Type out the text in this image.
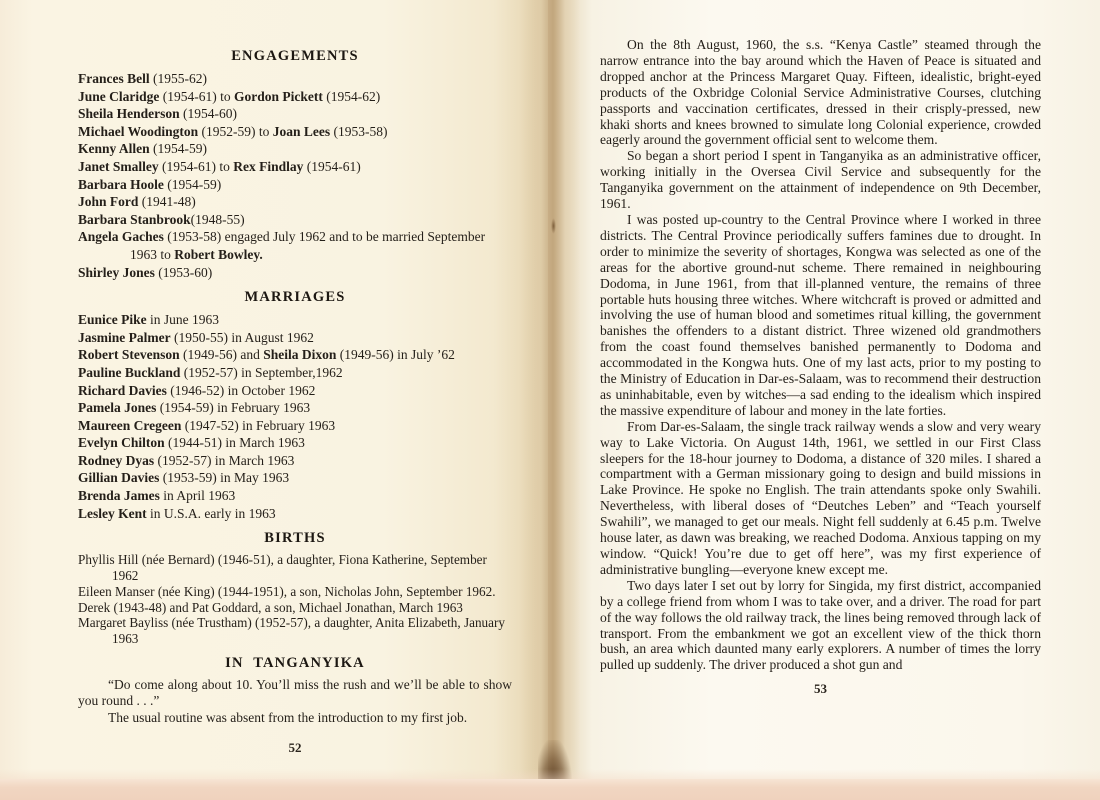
ENGAGEMENTS
Frances Bell (1955-62)
June Claridge (1954-61) to Gordon Pickett (1954-62)
Sheila Henderson (1954-60)
Michael Woodington (1952-59) to Joan Lees (1953-58)
Kenny Allen (1954-59)
Janet Smalley (1954-61) to Rex Findlay (1954-61)
Barbara Hoole (1954-59)
John Ford (1941-48)
Barbara Stanbrook(1948-55)
Angela Gaches (1953-58) engaged July 1962 and to be married September 1963 to Robert Bowley.
Shirley Jones (1953-60)
MARRIAGES
Eunice Pike in June 1963
Jasmine Palmer (1950-55) in August 1962
Robert Stevenson (1949-56) and Sheila Dixon (1949-56) in July ’62
Pauline Buckland (1952-57) in September,1962
Richard Davies (1946-52) in October 1962
Pamela Jones (1954-59) in February 1963
Maureen Cregeen (1947-52) in February 1963
Evelyn Chilton (1944-51) in March 1963
Rodney Dyas (1952-57) in March 1963
Gillian Davies (1953-59) in May 1963
Brenda James in April 1963
Lesley Kent in U.S.A. early in 1963
BIRTHS
Phyllis Hill (née Bernard) (1946-51), a daughter, Fiona Katherine, September 1962
Eileen Manser (née King) (1944-1951), a son, Nicholas John, September 1962.
Derek (1943-48) and Pat Goddard, a son, Michael Jonathan, March 1963
Margaret Bayliss (née Trustham) (1952-57), a daughter, Anita Elizabeth, January 1963
IN TANGANYIKA

“Do come along about 10. You’ll miss the rush and we’ll be able to show you round . . .”

The usual routine was absent from the introduction to my first job.

52

On the 8th August, 1960, the s.s. “Kenya Castle” steamed through the narrow entrance into the bay around which the Haven of Peace is situated and dropped anchor at the Princess Margaret Quay. Fifteen, idealistic, bright-eyed products of the Oxbridge Colonial Service Administrative Courses, clutching passports and vaccination certificates, dressed in their crisply-pressed, new khaki shorts and knees browned to simulate long Colonial experience, crowded eagerly around the government official sent to welcome them.

So began a short period I spent in Tanganyika as an administrative officer, working initially in the Oversea Civil Service and subsequently for the Tanganyika government on the attainment of independence on 9th December, 1961.

I was posted up-country to the Central Province where I worked in three districts. The Central Province periodically suffers famines due to drought. In order to minimize the severity of shortages, Kongwa was selected as one of the areas for the abortive ground-nut scheme. There remained in neighbouring Dodoma, in June 1961, from that ill-planned venture, the remains of three portable huts housing three witches. Where witchcraft is proved or admitted and involving the use of human blood and sometimes ritual killing, the government banishes the offenders to a distant district. Three wizened old grandmothers from the coast found themselves banished permanently to Dodoma and accommodated in the Kongwa huts. One of my last acts, prior to my posting to the Ministry of Education in Dar-es-Salaam, was to recommend their destruction as uninhabitable, even by witches—a sad ending to the idealism which inspired the massive expenditure of labour and money in the late forties.

From Dar-es-Salaam, the single track railway wends a slow and very weary way to Lake Victoria. On August 14th, 1961, we settled in our First Class sleepers for the 18-hour journey to Dodoma, a distance of 320 miles. I shared a compartment with a German missionary going to design and build missions in Lake Province. He spoke no English. The train attendants spoke only Swahili. Nevertheless, with liberal doses of “Deutches Leben” and “Teach yourself Swahili”, we managed to get our meals. Night fell suddenly at 6.45 p.m. Twelve house later, as dawn was breaking, we reached Dodoma. Anxious tapping on my window. “Quick! You’re due to get off here”, was my first experience of administrative bungling—everyone knew except me.

Two days later I set out by lorry for Singida, my first district, accompanied by a college friend from whom I was to take over, and a driver. The road for part of the way follows the old railway track, the lines being removed through lack of transport. From the embankment we got an excellent view of the thick thorn bush, an area which daunted many early explorers. A number of times the lorry pulled up suddenly. The driver produced a shot gun and

53
